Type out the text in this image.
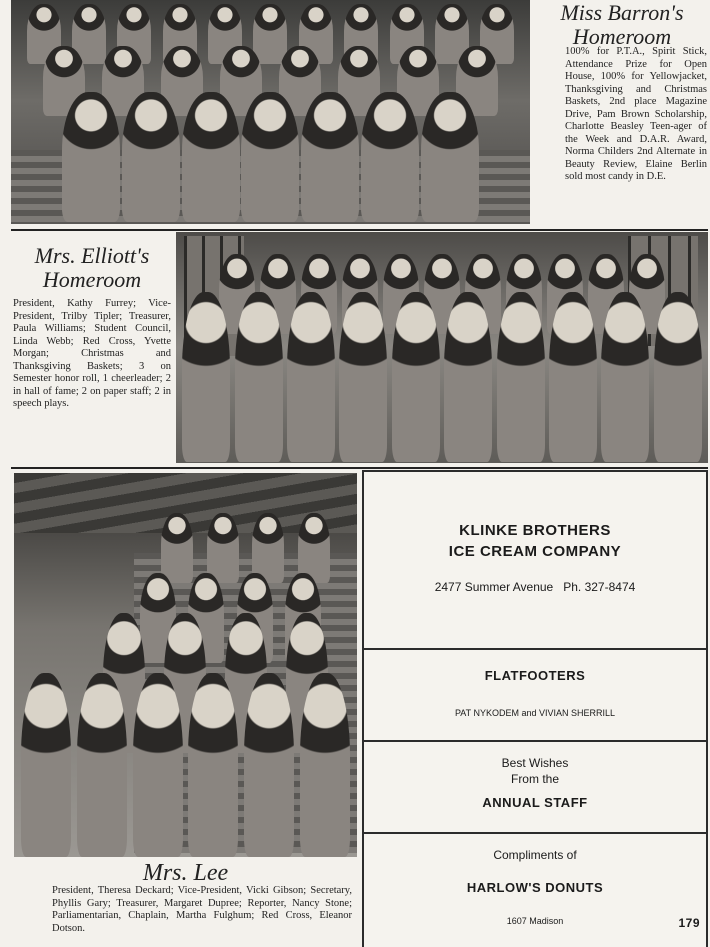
Miss Barron's
Homeroom
100% for P.T.A., Spirit Stick, Attendance Prize for Open House, 100% for Yellowjacket, Thanksgiving and Christmas Baskets, 2nd place Magazine Drive, Pam Brown Scholarship, Charlotte Beasley Teen-ager of the Week and D.A.R. Award, Norma Childers 2nd Alternate in Beauty Review, Elaine Berlin sold most candy in D.E.
Mrs. Elliott's
Homeroom
President, Kathy Furrey; Vice-President, Trilby Tipler; Treasurer, Paula Williams; Student Council, Linda Webb; Red Cross, Yvette Morgan; Christmas and Thanksgiving Baskets; 3 on Semester honor roll, 1 cheerleader; 2 in hall of fame; 2 on paper staff; 2 in speech plays.
Mrs. Lee
President, Theresa Deckard; Vice-President, Vicki Gibson; Secretary, Phyllis Gary; Treasurer, Margaret Dupree; Reporter, Nancy Stone; Parliamentarian, Chaplain, Martha Fulghum; Red Cross, Eleanor Dotson.
KLINKE BROTHERS
ICE CREAM COMPANY
2477 Summer Avenue   Ph. 327-8474
FLATFOOTERS
PAT NYKODEM and VIVIAN SHERRILL
Best Wishes
From the
ANNUAL STAFF
Compliments of
HARLOW'S DONUTS
1607 Madison	179
